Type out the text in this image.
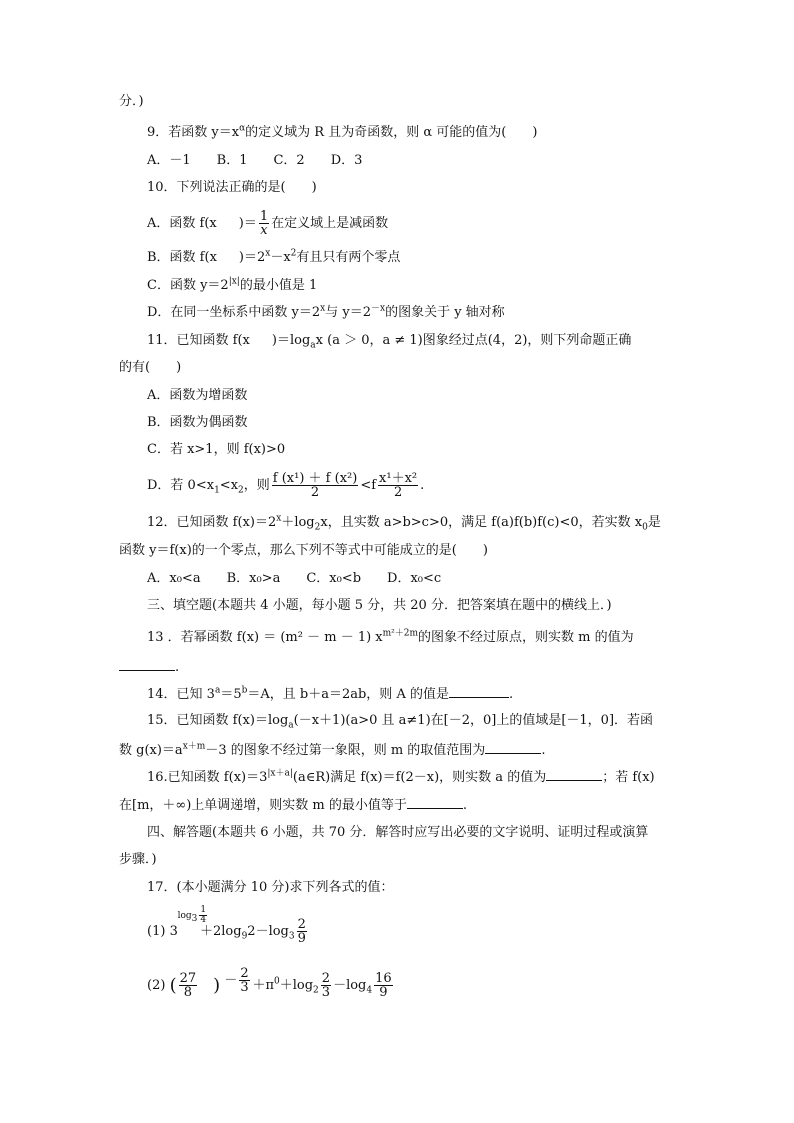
分．)
9．若函数 $y=x^\alpha$的定义域为 R 且为奇函数，则 α 可能的值为(　　)
A．－1　　B．1　　C．2　　D．3
10．下列说法正确的是(　　)
A．函数 f(x )＝ $\frac{1}{x}$ 在定义域上是减函数
B．函数 f(x )$=2^x-x^2$有且只有两个零点
C．函数 $y=2^{|x|}$的最小值是 1
D．在同一坐标系中函数 $y=2^x$与 $y=2^{-x}$的图象关于 y 轴对称
11．已知函数 f(x )$=\log_ax$ (a ＞ 0，a ≠ 1)图象经过点(4，2)，则下列命题正确
的有(　　)
A．函数为增函数
B．函数为偶函数
C．若 x>1，则 f(x)>0
D．若 $0<x_1<x_2$，则 $\frac{\text{f (x¹) ＋ f (x²)}}{2} <f \frac{\text{x¹＋x²}}{2}$ .
12．已知函数 $f(x)=2^x+\log_2x$，且实数 a>b>c>0，满足 f(a)f(b)f(c)<0，若实数 $x_0$是
函数 y＝f(x)的一个零点，那么下列不等式中可能成立的是(　　)
A．x₀<a　　B．x₀>a　　C．x₀<b　　D．x₀<c
三、填空题(本题共 4 小题，每小题 5 分，共 20 分．把答案填在题中的横线上．)
13 ．若幂函数 f(x) ＝ (m² － m － 1) $x^{m^2+2m}$的图象不经过原点，则实数 m 的值为
.
14．已知 $3^a=5^b=A$，且 b＋a＝2ab，则 A 的值是	.
15．已知函数 $f(x)=\log_a(-x+1)(a>0$ 且 a≠1)在[－2，0]上的值域是[－1，0]．若函
数 $g(x)=a^{x+m}-3$ 的图象不经过第一象限，则 m 的取值范围为	.
16.已知函数 $f(x)=3^{|x+a|}(a\in R)$满足 f(x)＝f(2－x)，则实数 a 的值为	；若 f(x)
在[m，＋∞)上单调递增，则实数 m 的最小值等于	.
四、解答题(本题共 6 小题，共 70 分．解答时应写出必要的文字说明、证明过程或演算
步骤．)
17．(本小题满分 10 分)求下列各式的值：
(1) 3
$\log_3 \frac{1}{4}$
$+2\log_92-\log_3 \frac{2}{9}$
(2) ( $\frac{27}{8}$ ) － $\frac{2}{3} +\pi^0+\log_2 \frac{2}{3} -\log_4 \frac{16}{9}$
